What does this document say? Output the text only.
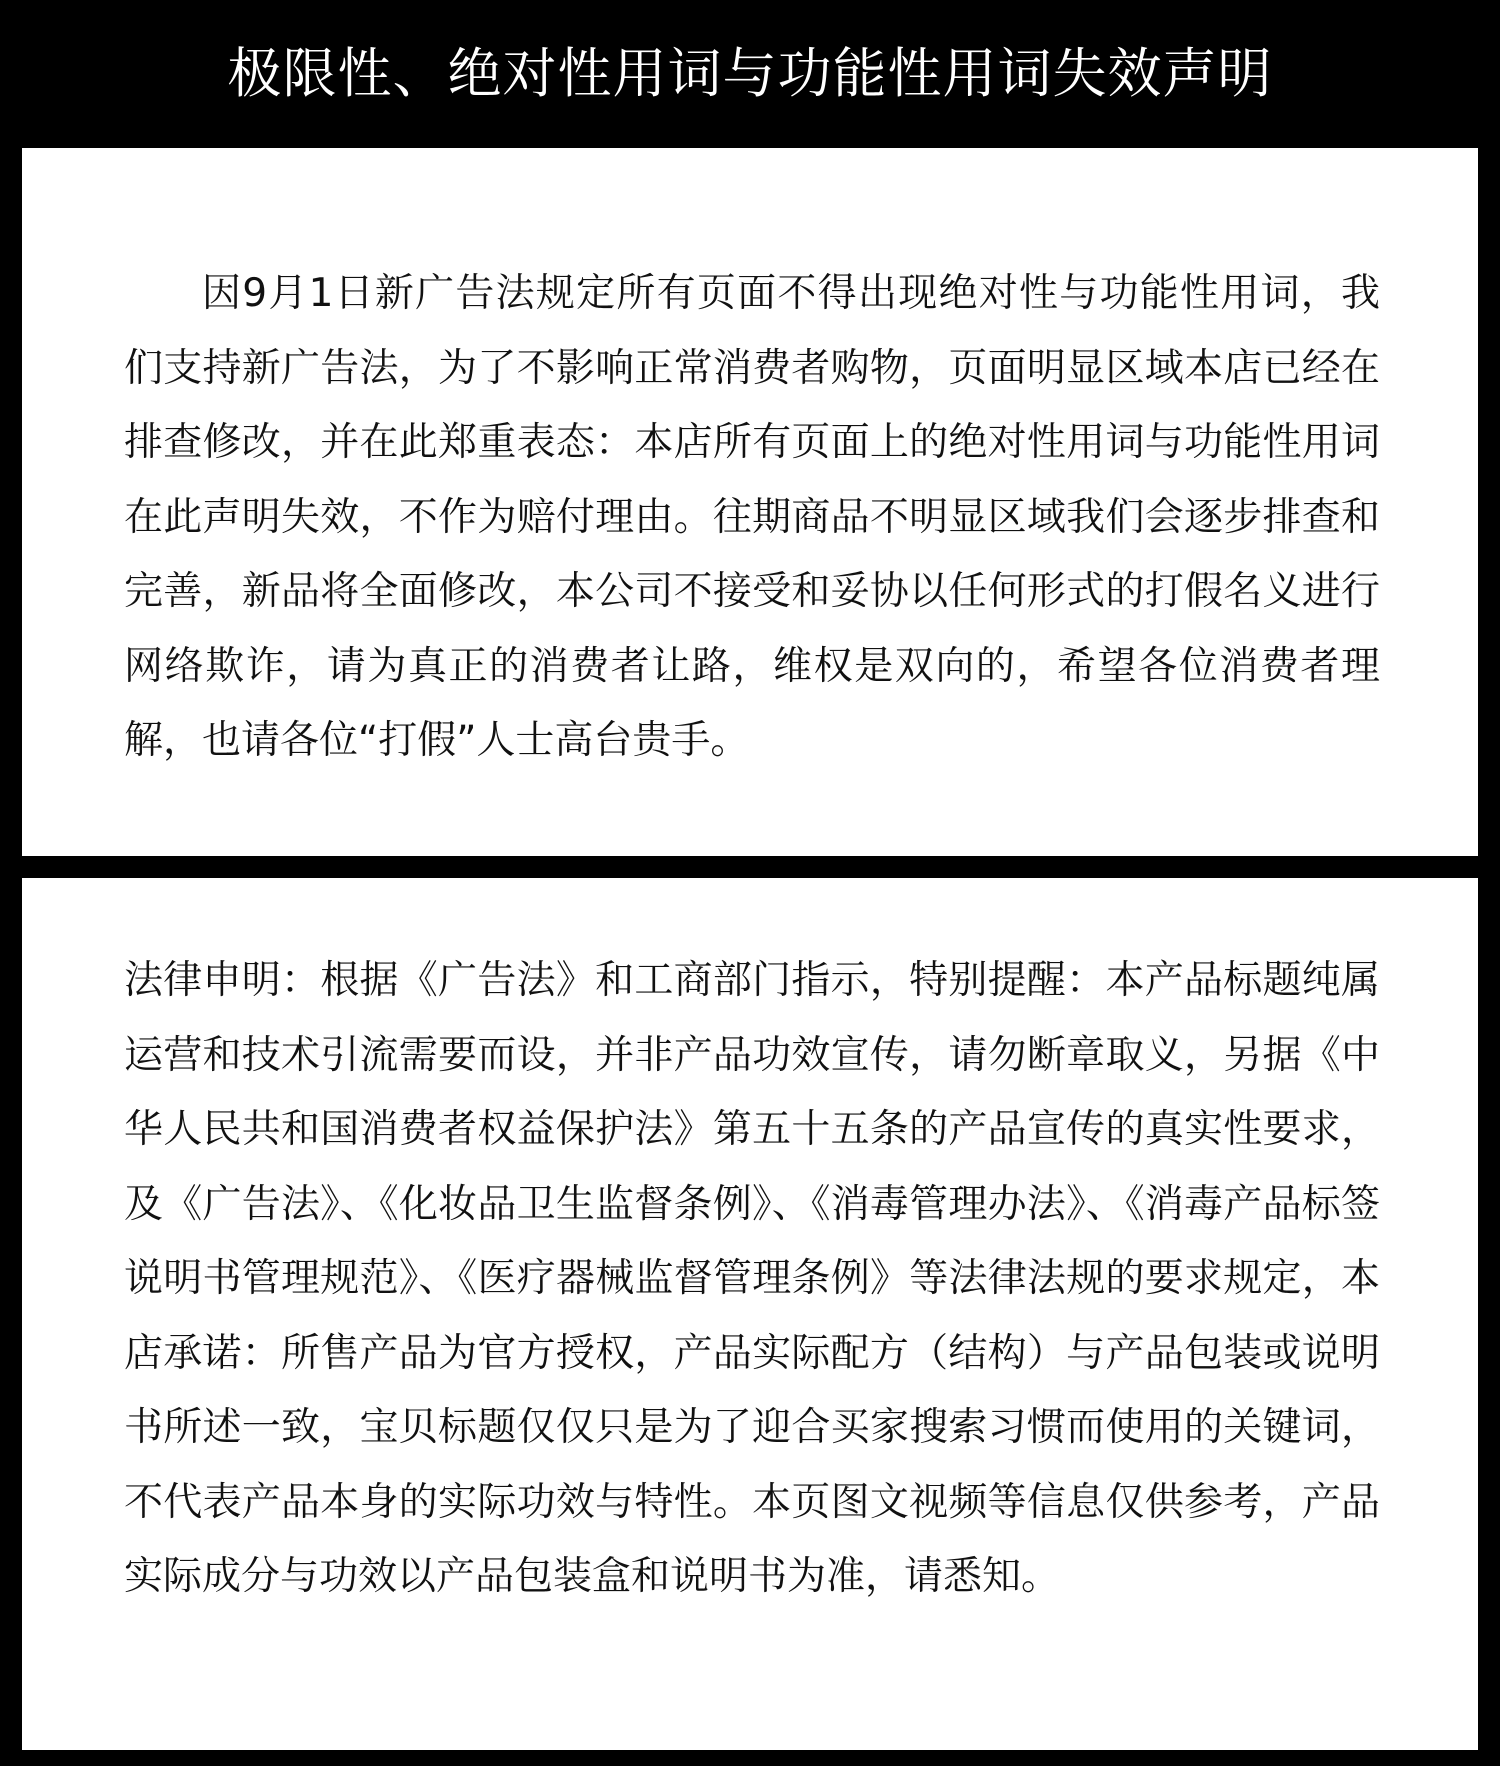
极限性、绝对性用词与功能性用词失效声明

因9月1日新广告法规定所有页面不得出现绝对性与功能性用词，我们支持新广告法，为了不影响正常消费者购物，页面明显区域本店已经在排查修改，并在此郑重表态：本店所有页面上的绝对性用词与功能性用词在此声明失效，不作为赔付理由。往期商品不明显区域我们会逐步排查和完善，新品将全面修改，本公司不接受和妥协以任何形式的打假名义进行网络欺诈，请为真正的消费者让路，维权是双向的，希望各位消费者理解，也请各位“打假”人士高台贵手。

法律申明：根据《广告法》和工商部门指示，特别提醒：本产品标题纯属运营和技术引流需要而设，并非产品功效宣传，请勿断章取义，另据《中华人民共和国消费者权益保护法》第五十五条的产品宣传的真实性要求，及《广告法》、《化妆品卫生监督条例》、《消毒管理办法》、《消毒产品标签说明书管理规范》、《医疗器械监督管理条例》等法律法规的要求规定，本店承诺：所售产品为官方授权，产品实际配方（结构）与产品包装或说明书所述一致，宝贝标题仅仅只是为了迎合买家搜索习惯而使用的关键词，不代表产品本身的实际功效与特性。本页图文视频等信息仅供参考，产品实际成分与功效以产品包装盒和说明书为准，请悉知。
